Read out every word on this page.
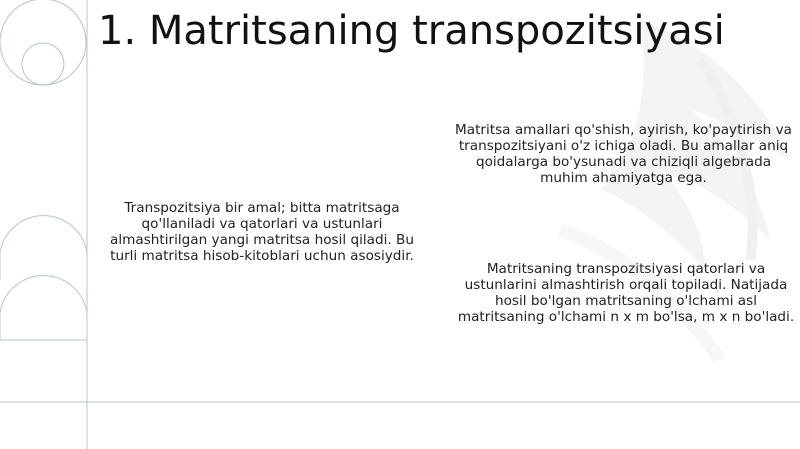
1. Matritsaning transpozitsiyasi
Transpozitsiya bir amal; bitta matritsaga qo'llaniladi va qatorlari va ustunlari almashtirilgan yangi matritsa hosil qiladi. Bu turli matritsa hisob-kitoblari uchun asosiydir.
Matritsa amallari qo'shish, ayirish, ko'paytirish va transpozitsiyani o'z ichiga oladi. Bu amallar aniq qoidalarga bo'ysunadi va chiziqli algebrada muhim ahamiyatga ega.
Matritsaning transpozitsiyasi qatorlari va ustunlarini almashtirish orqali topiladi. Natijada hosil bo'lgan matritsaning o'lchami asl matritsaning o'lchami n x m bo'lsa, m x n bo'ladi.
